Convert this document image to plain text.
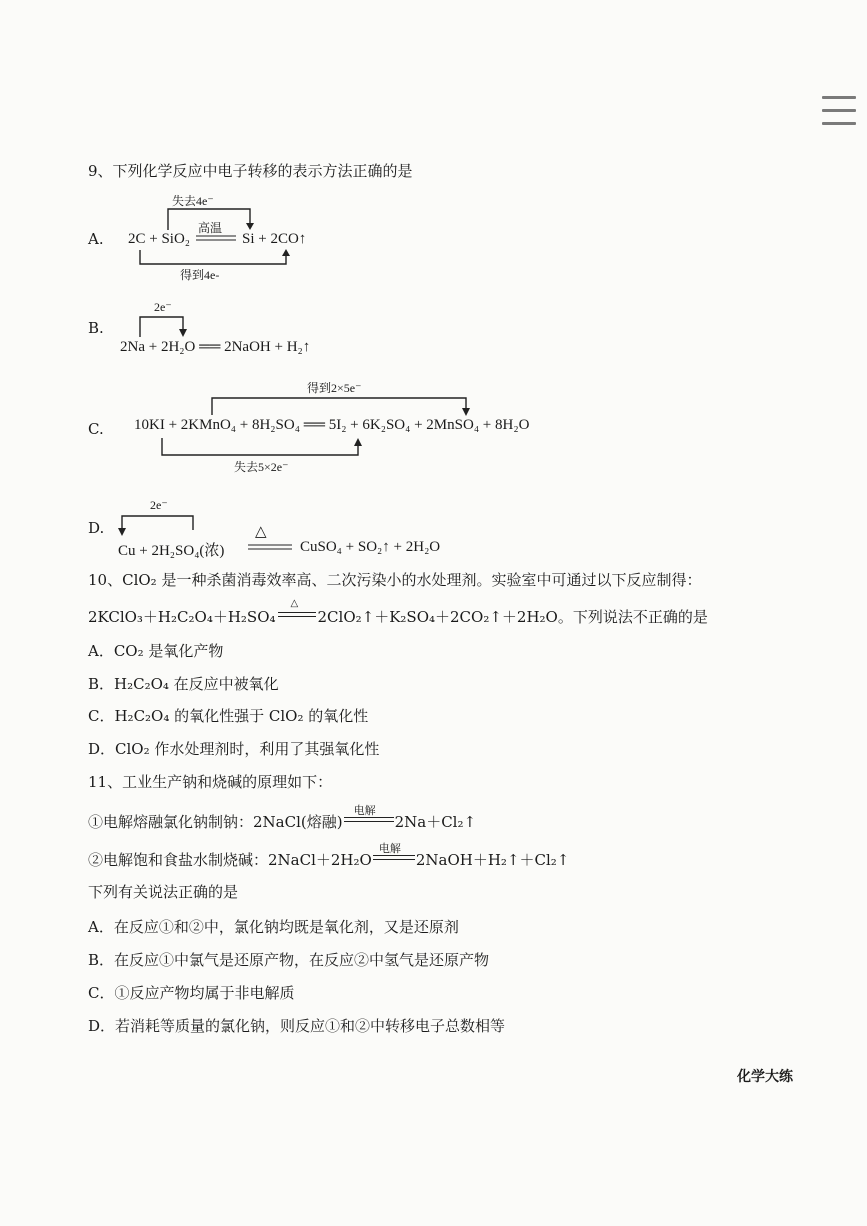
9、下列化学反应中电子转移的表示方法正确的是
A.
失去4e⁻
高温
2C + SiO₂	Si + 2CO↑
得到4e-
2e⁻
B.
2Na + 2H₂O ══ 2NaOH + H₂↑
得到2×5e⁻
C. 10KI + 2KMnO₄ + 8H₂SO₄ ══ 5I₂ + 6K₂SO₄ + 2MnSO₄ + 8H₂O
失去5×2e⁻
2e⁻
D.
Cu + 2H₂SO₄(浓)
△
CuSO₄ + SO₂↑ + 2H₂O
10、ClO₂ 是一种杀菌消毒效率高、二次污染小的水处理剂。实验室中可通过以下反应制得：
2KClO₃＋H₂C₂O₄＋H₂SO₄
△
2ClO₂↑＋K₂SO₄＋2CO₂↑＋2H₂O。下列说法不正确的是
A．CO₂ 是氧化产物
B．H₂C₂O₄ 在反应中被氧化
C．H₂C₂O₄ 的氧化性强于 ClO₂ 的氧化性
D．ClO₂ 作水处理剂时，利用了其强氧化性
11、工业生产钠和烧碱的原理如下：
①电解熔融氯化钠制钠：2NaCl(熔融)
电解
2Na＋Cl₂↑
②电解饱和食盐水制烧碱：2NaCl＋2H₂O
电解
2NaOH＋H₂↑＋Cl₂↑
下列有关说法正确的是
A．在反应①和②中，氯化钠均既是氧化剂，又是还原剂
B．在反应①中氯气是还原产物，在反应②中氢气是还原产物
C．①反应产物均属于非电解质
D．若消耗等质量的氯化钠，则反应①和②中转移电子总数相等
化学大练
